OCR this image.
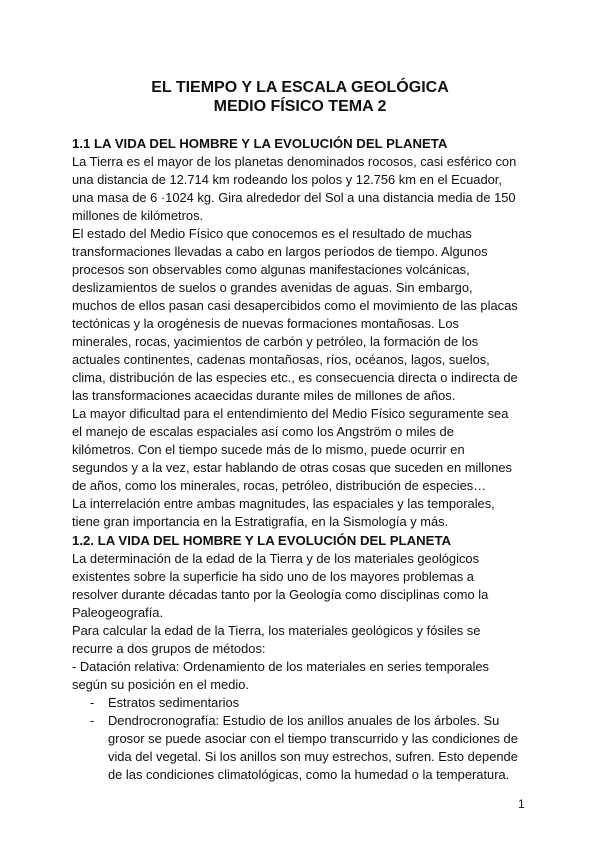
EL TIEMPO Y LA ESCALA GEOLÓGICA
MEDIO FÍSICO TEMA 2
1.1 LA VIDA DEL HOMBRE Y LA EVOLUCIÓN DEL PLANETA
La Tierra es el mayor de los planetas denominados rocosos, casi esférico con
una distancia de 12.714 km rodeando los polos y 12.756 km en el Ecuador,
una masa de 6 ·1024 kg. Gira alrededor del Sol a una distancia media de 150
millones de kilómetros.
El estado del Medio Físico que conocemos es el resultado de muchas
transformaciones llevadas a cabo en largos períodos de tiempo. Algunos
procesos son observables como algunas manifestaciones volcánicas,
deslizamientos de suelos o grandes avenidas de aguas. Sin embargo,
muchos de ellos pasan casi desapercibidos como el movimiento de las placas
tectónicas y la orogénesis de nuevas formaciones montañosas. Los
minerales, rocas, yacimientos de carbón y petróleo, la formación de los
actuales continentes, cadenas montañosas, ríos, océanos, lagos, suelos,
clima, distribución de las especies etc., es consecuencia directa o indirecta de
las transformaciones acaecidas durante miles de millones de años.
La mayor dificultad para el entendimiento del Medio Físico seguramente sea
el manejo de escalas espaciales así como los Angström o miles de
kilómetros. Con el tiempo sucede más de lo mismo, puede ocurrir en
segundos y a la vez, estar hablando de otras cosas que suceden en millones
de años, como los minerales, rocas, petróleo, distribución de especies…
La interrelación entre ambas magnitudes, las espaciales y las temporales,
tiene gran importancia en la Estratigrafía, en la Sismología y más.
1.2. LA VIDA DEL HOMBRE Y LA EVOLUCIÓN DEL PLANETA
La determinación de la edad de la Tierra y de los materiales geológicos
existentes sobre la superficie ha sido uno de los mayores problemas a
resolver durante décadas tanto por la Geología como disciplinas como la
Paleogeografía.
Para calcular la edad de la Tierra, los materiales geológicos y fósiles se
recurre a dos grupos de métodos:
- Datación relativa: Ordenamiento de los materiales en series temporales
según su posición en el medio.
- Estratos sedimentarios
- Dendrocronografía: Estudio de los anillos anuales de los árboles. Su
grosor se puede asociar con el tiempo transcurrido y las condiciones de
vida del vegetal. Si los anillos son muy estrechos, sufren. Esto depende
de las condiciones climatológicas, como la humedad o la temperatura.
1
